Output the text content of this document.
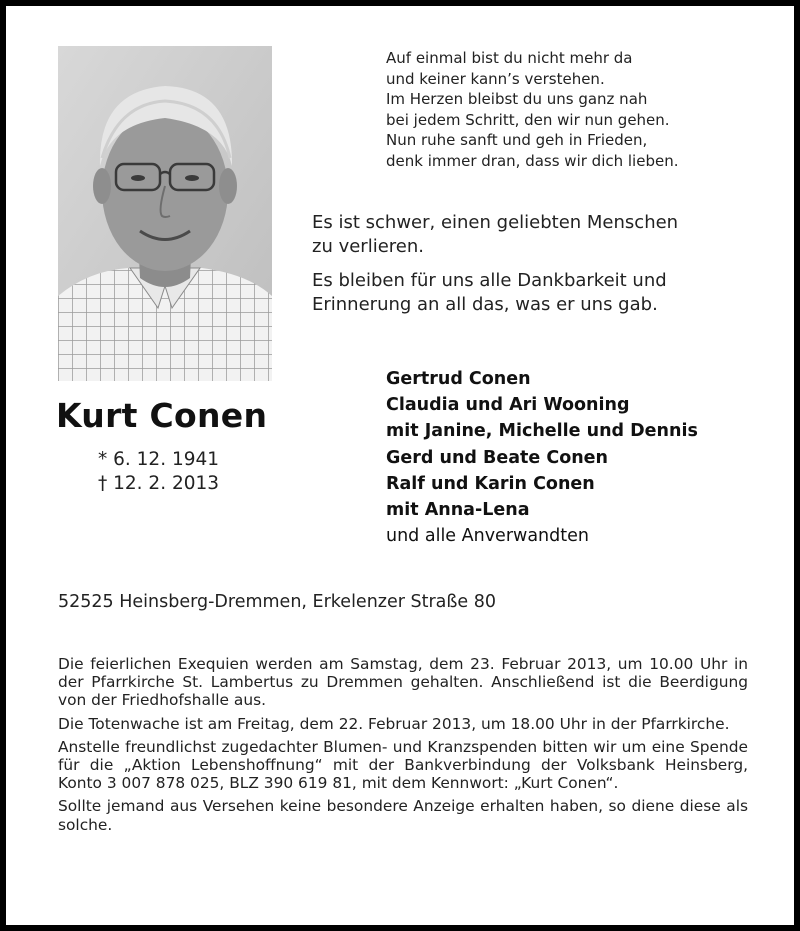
Kurt Conen
* 6. 12. 1941
† 12. 2. 2013
Auf einmal bist du nicht mehr da
und keiner kann’s verstehen.
Im Herzen bleibst du uns ganz nah
bei jedem Schritt, den wir nun gehen.
Nun ruhe sanft und geh in Frieden,
denk immer dran, dass wir dich lieben.

Es ist schwer, einen geliebten Menschen
zu verlieren.

Es bleiben für uns alle Dankbarkeit und
Erinnerung an all das, was er uns gab.

Gertrud Conen
Claudia und Ari Wooning
mit Janine, Michelle und Dennis
Gerd und Beate Conen
Ralf und Karin Conen
mit Anna-Lena
und alle Anverwandten
52525 Heinsberg-Dremmen, Erkelenzer Straße 80

Die feierlichen Exequien werden am Samstag, dem 23. Februar 2013, um 10.00 Uhr in der Pfarrkirche St. Lambertus zu Dremmen gehalten. Anschließend ist die Beerdigung von der Friedhofshalle aus.

Die Totenwache ist am Freitag, dem 22. Februar 2013, um 18.00 Uhr in der Pfarrkirche.

Anstelle freundlichst zugedachter Blumen- und Kranzspenden bitten wir um eine Spende für die „Aktion Lebenshoffnung“ mit der Bankverbindung der Volksbank Heinsberg, Konto 3 007 878 025, BLZ 390 619 81, mit dem Kennwort: „Kurt Conen“.

Sollte jemand aus Versehen keine besondere Anzeige erhalten haben, so diene diese als solche.
